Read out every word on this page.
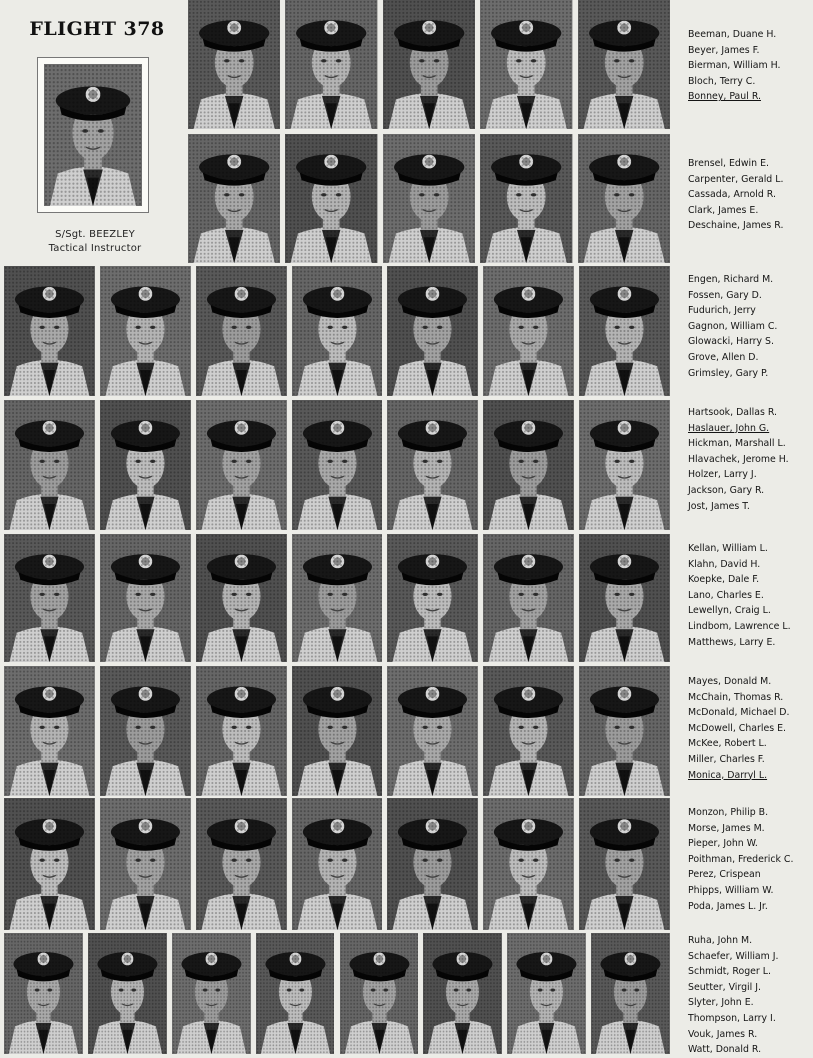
FLIGHT 378
S/Sgt. BEEZLEY
Tactical Instructor
Beeman, Duane H.
Beyer, James F.
Bierman, William H.
Bloch, Terry C.
Bonney, Paul R.
Brensel, Edwin E.
Carpenter, Gerald L.
Cassada, Arnold R.
Clark, James E.
Deschaine, James R.
Engen, Richard M.
Fossen, Gary D.
Fudurich, Jerry
Gagnon, William C.
Glowacki, Harry S.
Grove, Allen D.
Grimsley, Gary P.
Hartsook, Dallas R.
Haslauer, John G.
Hickman, Marshall L.
Hlavachek, Jerome H.
Holzer, Larry J.
Jackson, Gary R.
Jost, James T.
Kellan, William L.
Klahn, David H.
Koepke, Dale F.
Lano, Charles E.
Lewellyn, Craig L.
Lindbom, Lawrence L.
Matthews, Larry E.
Mayes, Donald M.
McChain, Thomas R.
McDonald, Michael D.
McDowell, Charles E.
McKee, Robert L.
Miller, Charles F.
Monica, Darryl L.
Monzon, Philip B.
Morse, James M.
Pieper, John W.
Poithman, Frederick C.
Perez, Crispean
Phipps, William W.
Poda, James L. Jr.
Ruha, John M.
Schaefer, William J.
Schmidt, Roger L.
Seutter, Virgil J.
Slyter, John E.
Thompson, Larry I.
Vouk, James R.
Watt, Donald R.
